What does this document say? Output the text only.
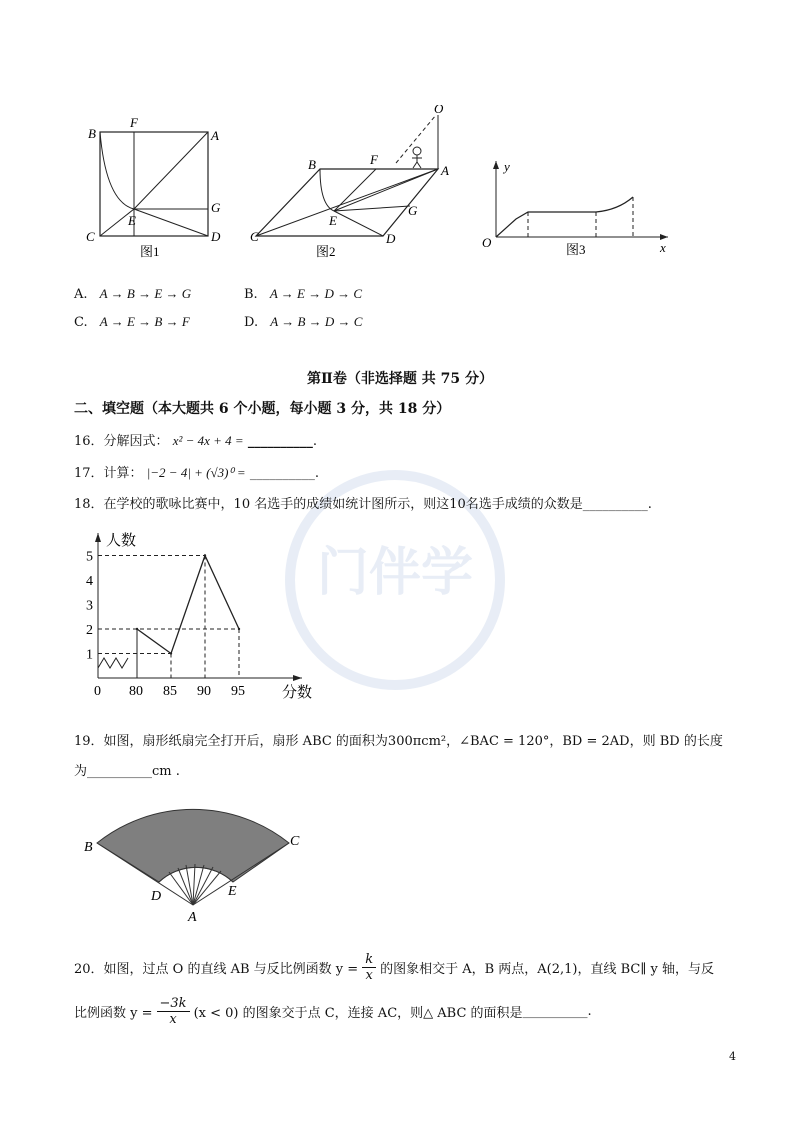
门伴学
B
F
A
G
C
E
D
图1
O
B	F
A
G
C
E
D
图2
y
O	x
图3
A. A → B → E → G	B. A → E → D → C
C. A → E → B → F	D. A → B → D → C
第Ⅱ卷（非选择题 共 75 分）
二、填空题（本大题共 6 个小题，每小题 3 分，共 18 分）
16．分解因式： x² − 4x + 4 = __________.
17．计算： |−2 − 4| + (√3)⁰ = __________.
18．在学校的歌咏比赛中，10 名选手的成绩如统计图所示，则这10名选手成绩的众数是__________.
人数
分数
1
2
3
4
5
0 80 85 90 95
19．如图，扇形纸扇完全打开后，扇形 ABC 的面积为300πcm²，∠BAC = 120°，BD = 2AD，则 BD 的长度
为__________cm .
B	C
D	E
A
20．如图，过点 O 的直线 AB 与反比例函数 $y = \frac{k}{x}$ 的图象相交于 A，B 两点，A(2,1)，直线 BC∥ y 轴，与反
比例函数 $y = \frac{-3k}{x} (x < 0)$ 的图象交于点 C，连接 AC，则△ ABC 的面积是 __________ .
4
